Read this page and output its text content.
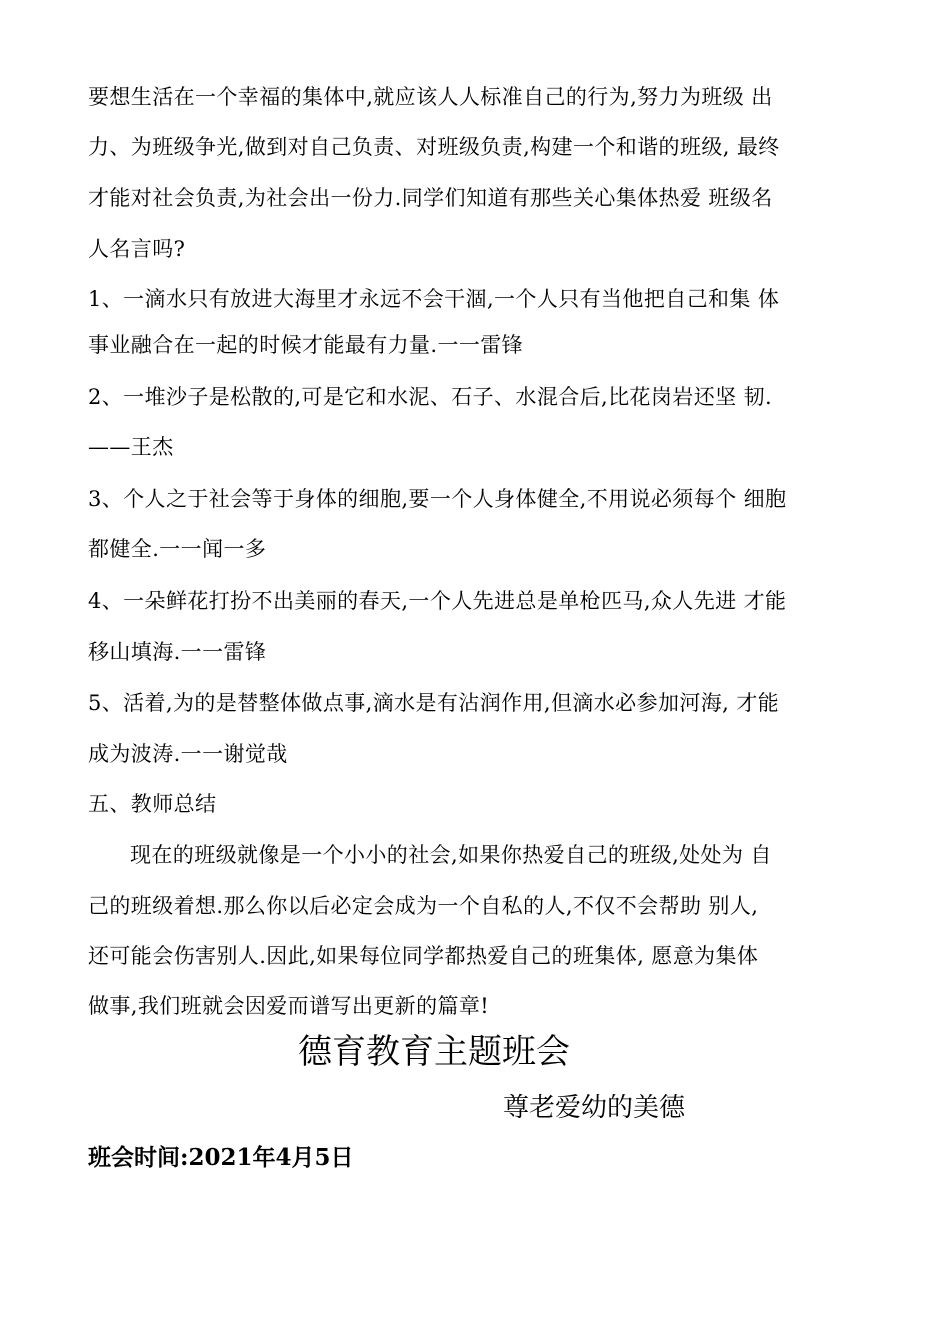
要想生活在一个幸福的集体中,就应该人人标准自己的行为,努力为班级 出
力、为班级争光,做到对自己负责、对班级负责,构建一个和谐的班级, 最终
才能对社会负责,为社会出一份力.同学们知道有那些关心集体热爱 班级名
人名言吗?
1、一滴水只有放进大海里才永远不会干涸,一个人只有当他把自己和集 体
事业融合在一起的时候才能最有力量.一一雷锋
2、一堆沙子是松散的,可是它和水泥、石子、水混合后,比花岗岩还坚 韧.
——王杰
3、个人之于社会等于身体的细胞,要一个人身体健全,不用说必须每个 细胞
都健全.一一闻一多
4、一朵鲜花打扮不出美丽的春天,一个人先进总是单枪匹马,众人先进 才能
移山填海.一一雷锋
5、活着,为的是替整体做点事,滴水是有沾润作用,但滴水必参加河海, 才能
成为波涛.一一谢觉哉
五、教师总结
现在的班级就像是一个小小的社会,如果你热爱自己的班级,处处为 自
己的班级着想.那么你以后必定会成为一个自私的人,不仅不会帮助 别人,
还可能会伤害别人.因此,如果每位同学都热爱自己的班集体, 愿意为集体
做事,我们班就会因爱而谱写出更新的篇章!
德育教育主题班会
尊老爱幼的美德
班会时间:2021年4月5日
